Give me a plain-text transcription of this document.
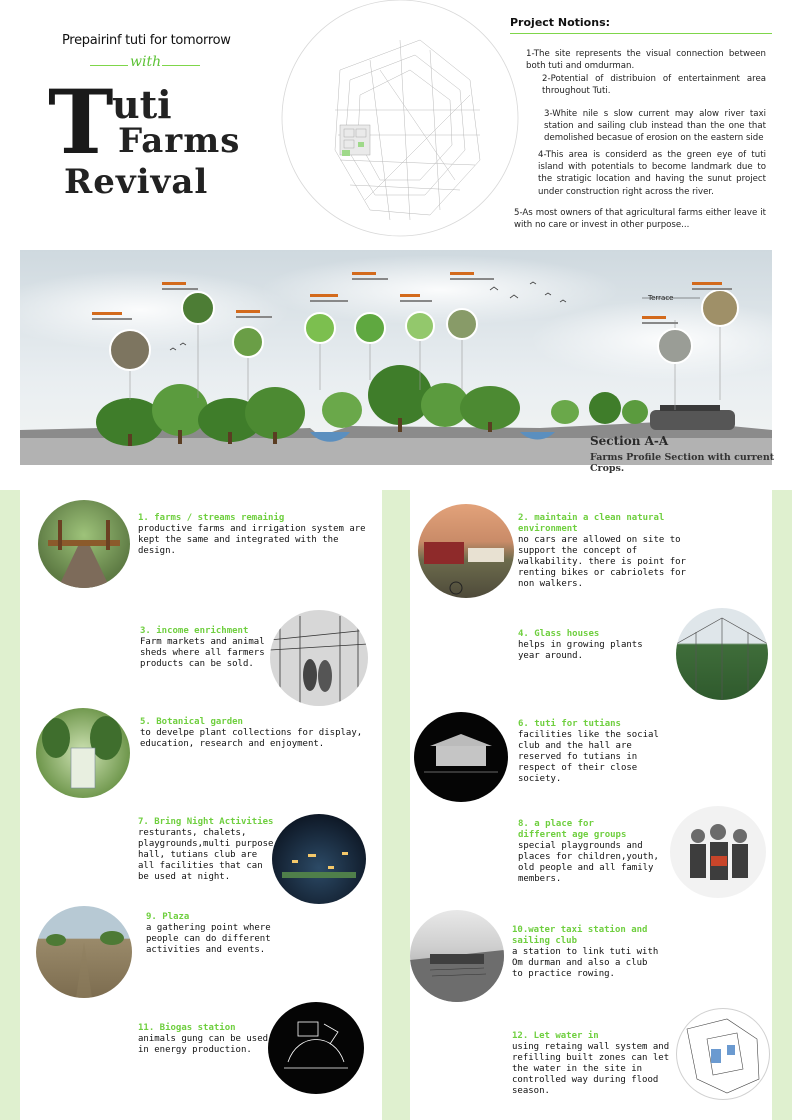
Prepairinf tuti for tomorrow
with
T uti
Farms
Revival
Project Notions:
1-The site represents the visual connection between both tuti and omdurman.
2-Potential of distribuion of entertainment area throughout Tuti.
3-White nile s slow current may alow river taxi station and sailing club instead than the one that demolished becasue of erosion on the eastern side
4-This area is considerd as the green eye of tuti island with potentials to become landmark due to the stratigic location and having the sunut project under construction right across the river.
5-As most owners of that agricultural farms either leave it with no care or invest in other purpose...
Terrace
Section A-A
Farms Profile Section with current Crops.
1. farms / streams remainig
productive farms and irrigation system are kept the same and integrated with the design.
3. income enrichment
Farm markets and animal sheds where all farmers products can be sold.
5. Botanical garden
to develpe plant collections for display, education, research and enjoyment.
7. Bring Night Activities
resturants, chalets, playgrounds,multi purpose hall, tutians club are all facilities that can be used at night.
9. Plaza
a gathering point where people can do different activities and events.
11. Biogas station
animals gung can be used in energy production.
2. maintain a clean natural environment
no cars are allowed on site to support the concept of walkability. there is point for renting bikes or cabriolets for non walkers.
4. Glass houses
helps in growing plants year around.
6. tuti for tutians
facilities like the social club and the hall are reserved fo tutians in respect of their close society.
8. a place for different age groups
special playgrounds and places for children,youth, old people and all family members.
10.water taxi station and sailing club
a station to link tuti with Om durman and also a club to practice rowing.
12. Let water in
using retaing wall system and refilling built zones can let the water in the site in controlled way during flood season.
